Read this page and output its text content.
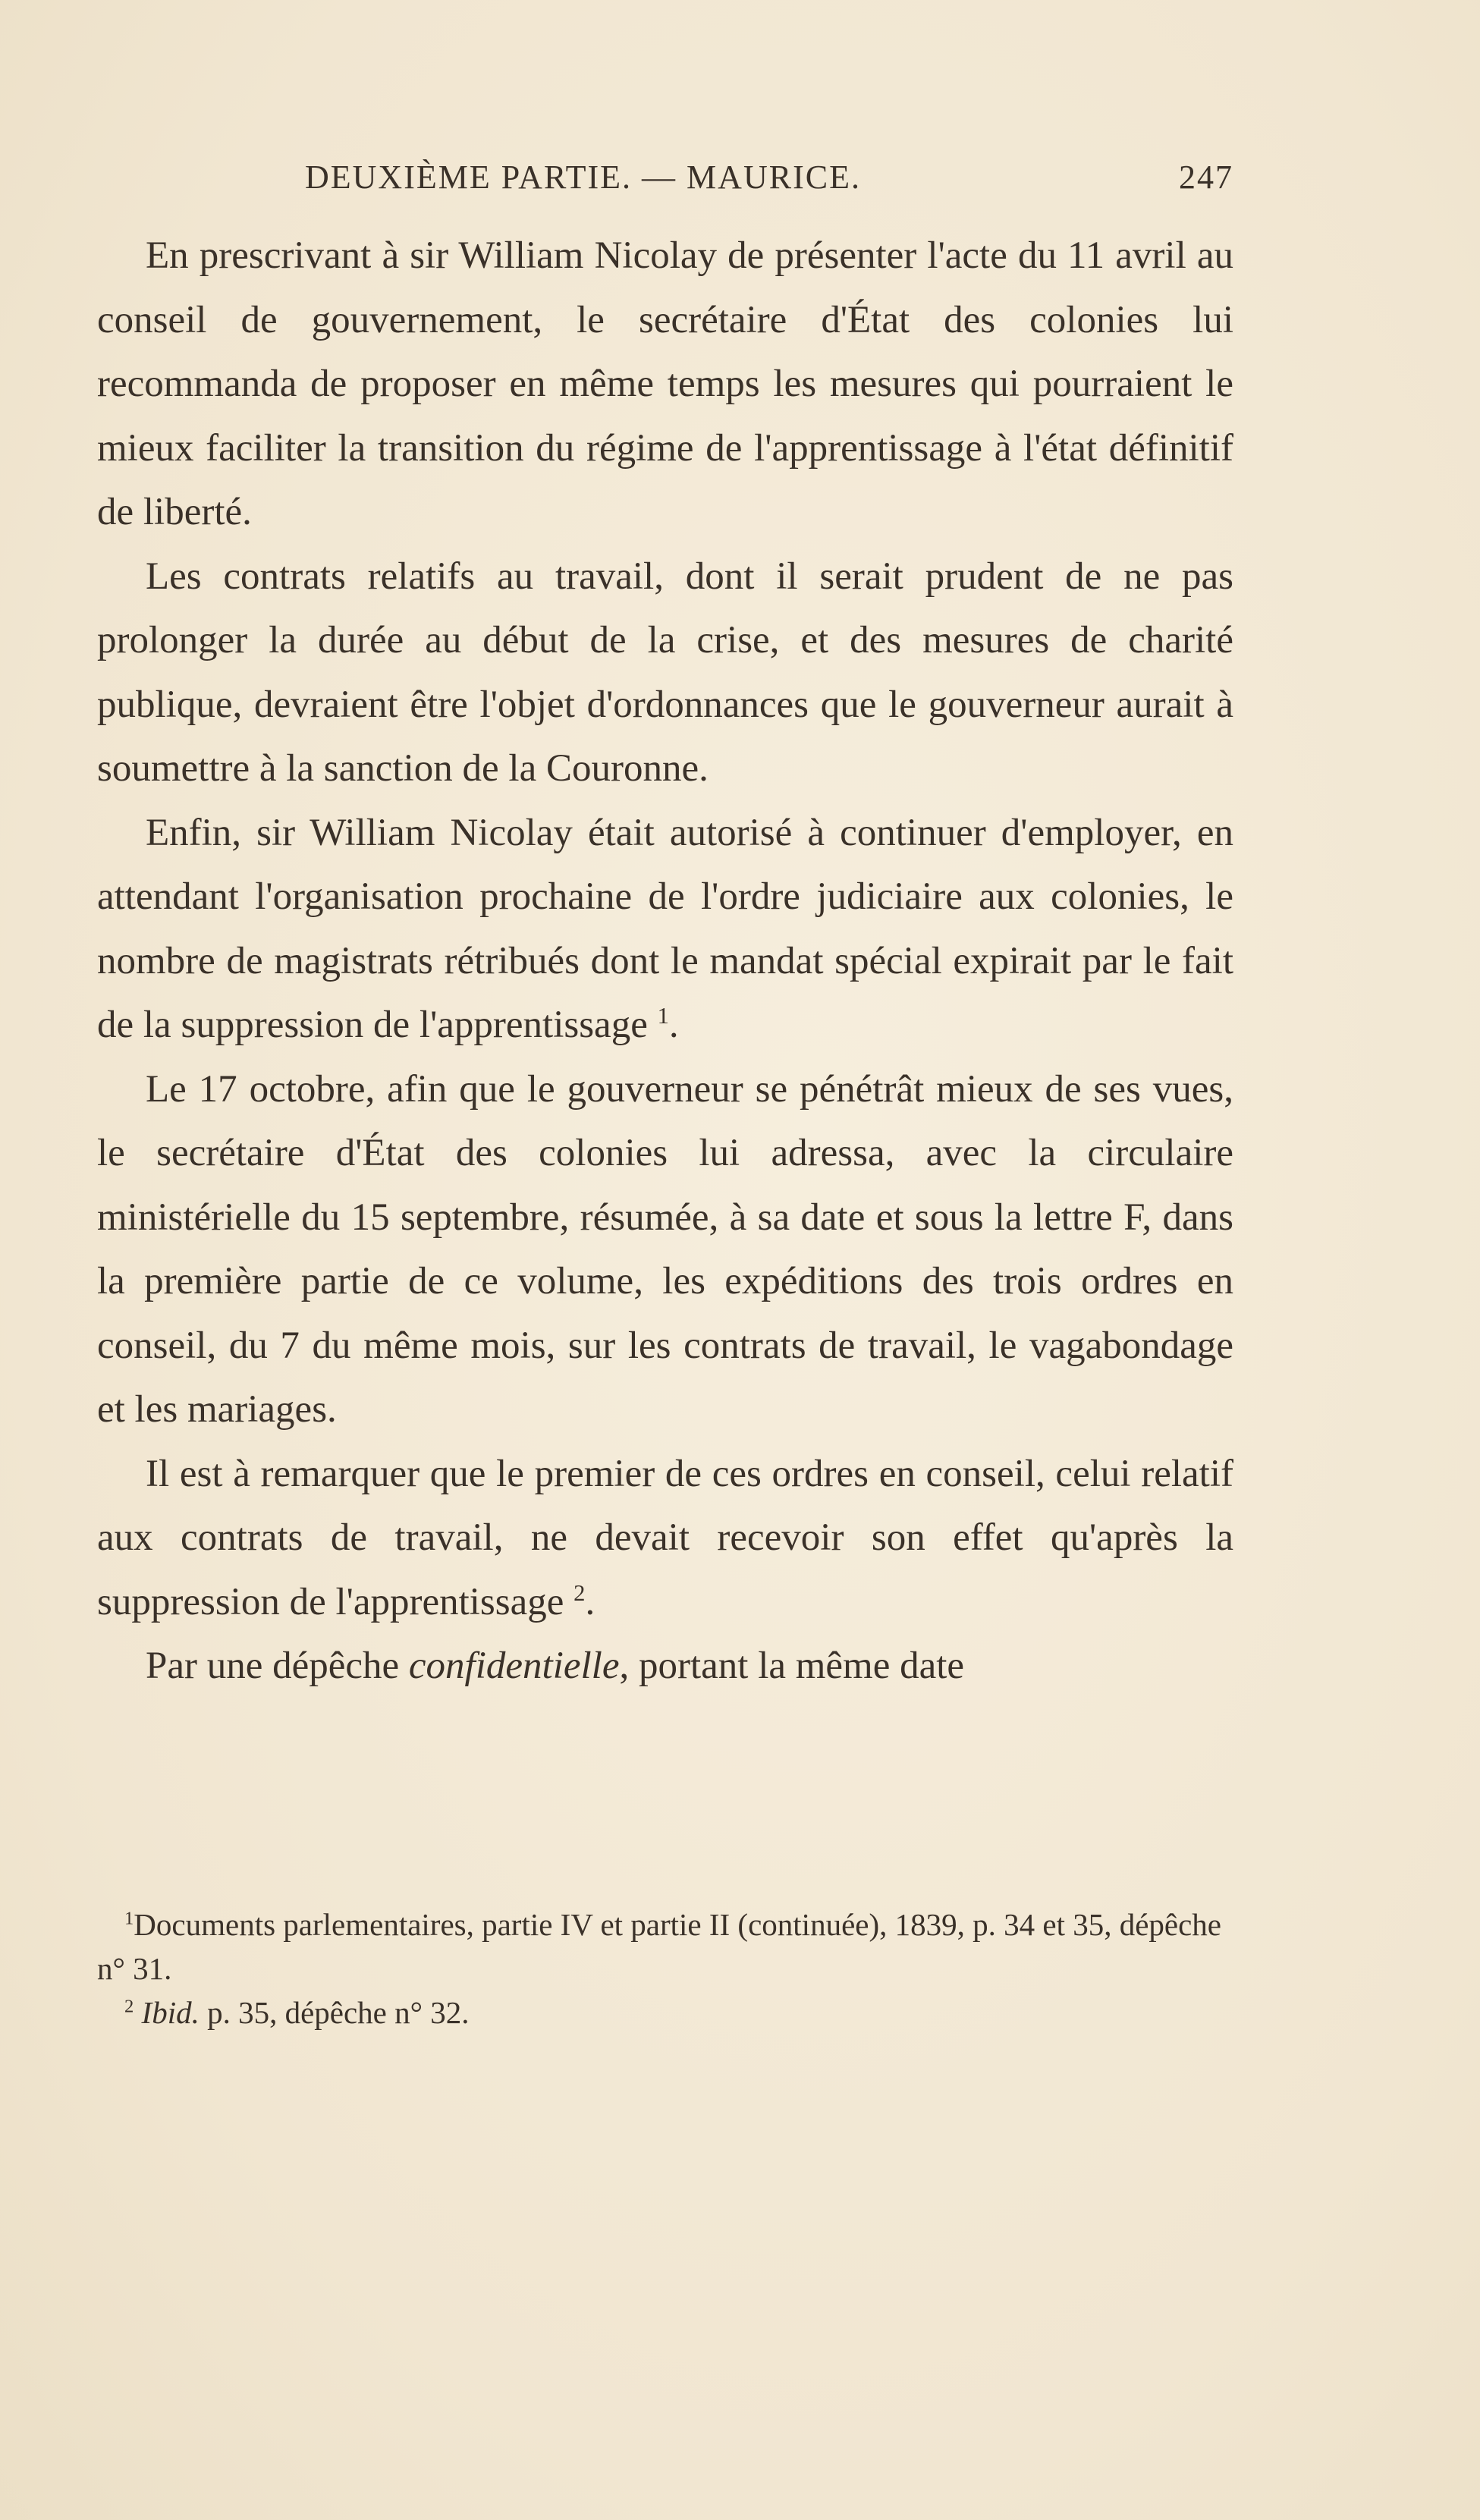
DEUXIÈME PARTIE. — MAURICE.	247

En prescrivant à sir William Nicolay de présenter l'acte du 11 avril au conseil de gouvernement, le secrétaire d'État des colonies lui recommanda de proposer en même temps les mesures qui pourraient le mieux faciliter la transition du régime de l'apprentissage à l'état définitif de liberté.

Les contrats relatifs au travail, dont il serait prudent de ne pas prolonger la durée au début de la crise, et des mesures de charité publique, devraient être l'objet d'ordonnances que le gouverneur aurait à soumettre à la sanction de la Couronne.

Enfin, sir William Nicolay était autorisé à continuer d'employer, en attendant l'organisation prochaine de l'ordre judiciaire aux colonies, le nombre de magistrats rétribués dont le mandat spécial expirait par le fait de la suppression de l'apprentissage $^1$.

Le 17 octobre, afin que le gouverneur se pénétrât mieux de ses vues, le secrétaire d'État des colonies lui adressa, avec la circulaire ministérielle du 15 septembre, résumée, à sa date et sous la lettre F, dans la première partie de ce volume, les expéditions des trois ordres en conseil, du 7 du même mois, sur les contrats de travail, le vagabondage et les mariages.

Il est à remarquer que le premier de ces ordres en conseil, celui relatif aux contrats de travail, ne devait recevoir son effet qu'après la suppression de l'apprentissage $^2$.

Par une dépêche confidentielle, portant la même date

$^1$Documents parlementaires, partie IV et partie II (continuée), 1839, p. 34 et 35, dépêche n° 31.

$^2$ Ibid. p. 35, dépêche n° 32.
